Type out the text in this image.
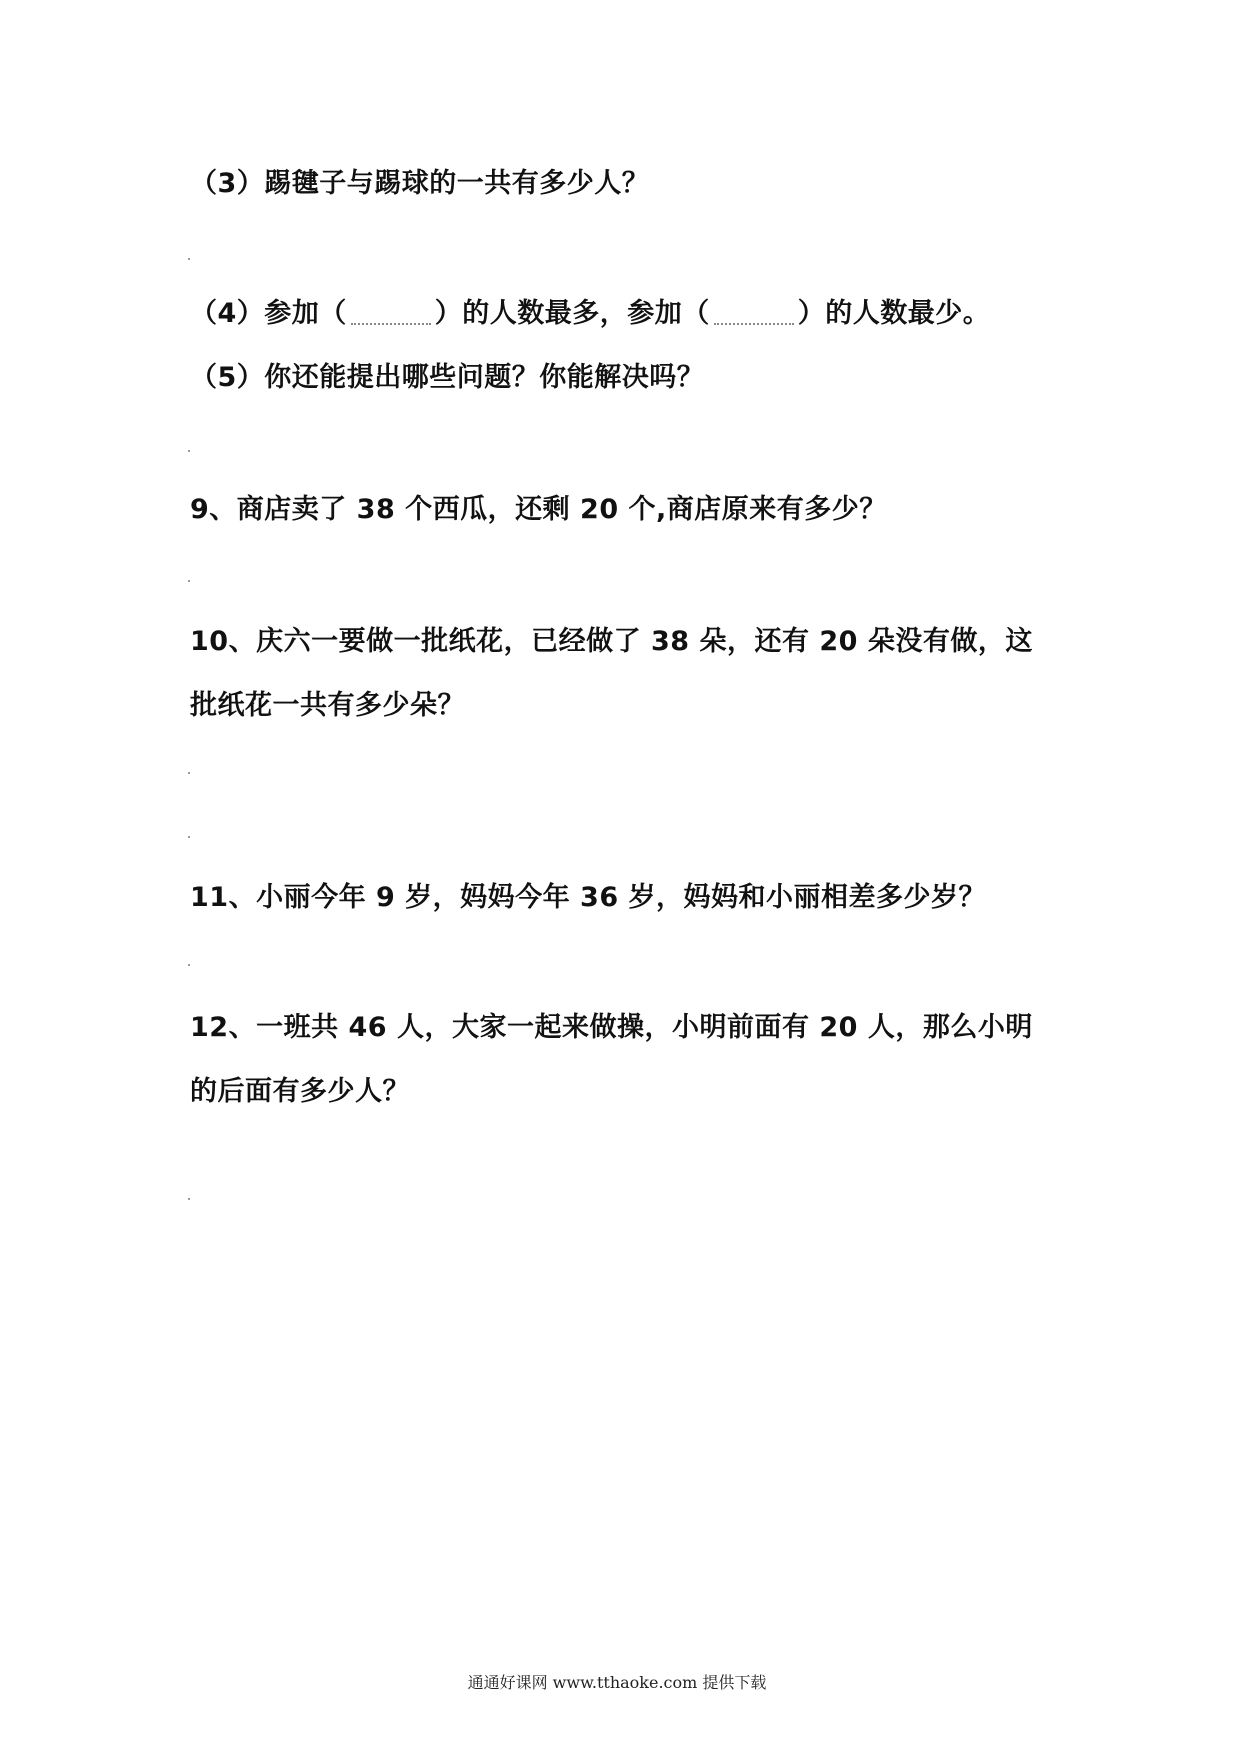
（3）踢毽子与踢球的一共有多少人？
（4）参加（	）的人数最多，参加（	）的人数最少。
（5）你还能提出哪些问题？你能解决吗？
9、商店卖了 38 个西瓜，还剩 20 个,商店原来有多少？
10、庆六一要做一批纸花，已经做了 38 朵，还有 20 朵没有做，这
批纸花一共有多少朵？
11、小丽今年 9 岁，妈妈今年 36 岁，妈妈和小丽相差多少岁？
12、一班共 46 人，大家一起来做操，小明前面有 20 人，那么小明
的后面有多少人？
通通好课网 www.tthaoke.com 提供下载
